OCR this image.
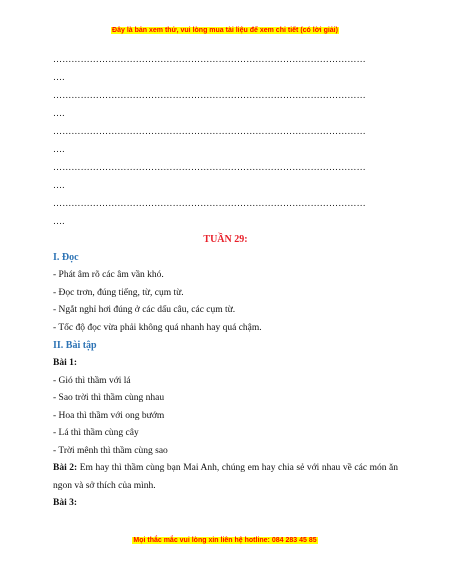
Đây là bản xem thử, vui lòng mua tài liệu để xem chi tiết (có lời giải)
…………………………………………………………………………………………
….
…………………………………………………………………………………………
….
…………………………………………………………………………………………
….
…………………………………………………………………………………………
….
…………………………………………………………………………………………
….
TUẦN 29:
I. Đọc
- Phát âm rõ các âm vần khó.
- Đọc trơn, đúng tiếng, từ, cụm từ.
- Ngắt nghỉ hơi đúng ở các dấu câu, các cụm từ.
- Tốc độ đọc vừa phải không quá nhanh hay quá chậm.
II. Bài tập
Bài 1:
- Gió thì thầm với lá
- Sao trời thì thầm cùng nhau
- Hoa thì thầm với ong bướm
- Lá thì thầm cùng cây
- Trời mênh thì thầm cùng sao
Bài 2: Em hay thì thầm cùng bạn Mai Anh, chúng em hay chia sẻ với nhau về các món ăn ngon và sở thích của mình.
Bài 3:
Mọi thắc mắc vui lòng xin liên hệ hotline: 084 283 45 85
